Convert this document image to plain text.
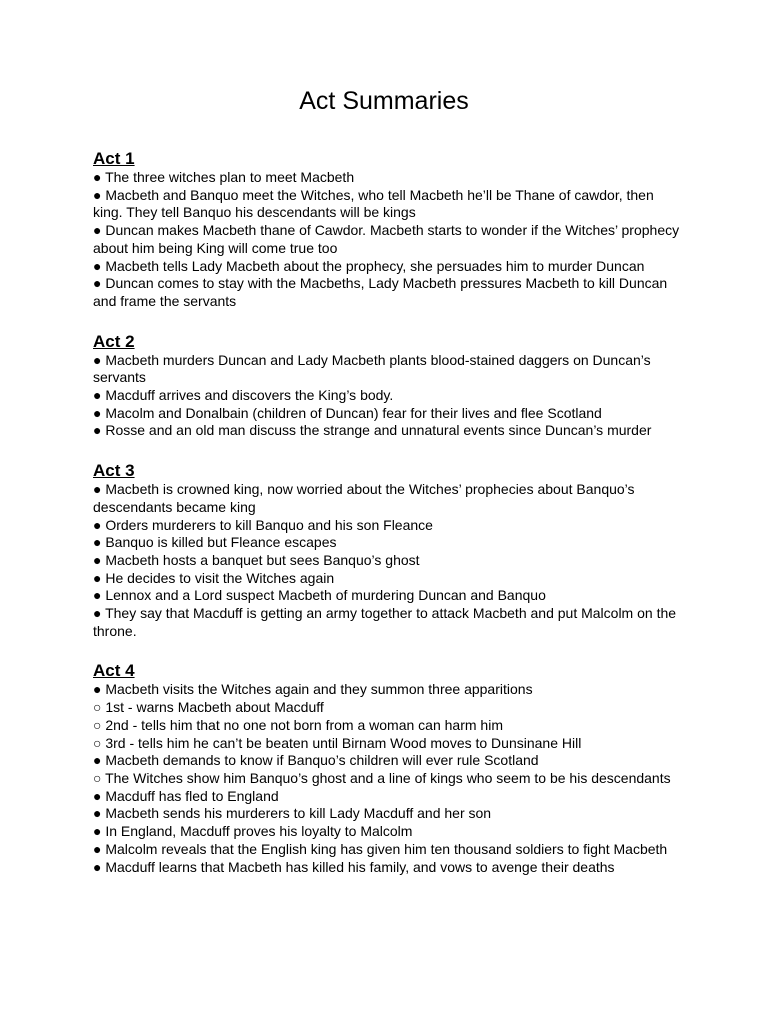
Act Summaries
Act 1
● The three witches plan to meet Macbeth
● Macbeth and Banquo meet the Witches, who tell Macbeth he’ll be Thane of cawdor, then king. They tell Banquo his descendants will be kings
● Duncan makes Macbeth thane of Cawdor. Macbeth starts to wonder if the Witches’ prophecy
about him being King will come true too
● Macbeth tells Lady Macbeth about the prophecy, she persuades him to murder Duncan
● Duncan comes to stay with the Macbeths, Lady Macbeth pressures Macbeth to kill Duncan and frame the servants
Act 2
● Macbeth murders Duncan and Lady Macbeth plants blood-stained daggers on Duncan’s servants
● Macduff arrives and discovers the King’s body.
● Macolm and Donalbain (children of Duncan) fear for their lives and flee Scotland
● Rosse and an old man discuss the strange and unnatural events since Duncan’s murder
Act 3
● Macbeth is crowned king, now worried about the Witches’ prophecies about Banquo’s descendants became king
● Orders murderers to kill Banquo and his son Fleance
● Banquo is killed but Fleance escapes
● Macbeth hosts a banquet but sees Banquo’s ghost
● He decides to visit the Witches again
● Lennox and a Lord suspect Macbeth of murdering Duncan and Banquo
● They say that Macduff is getting an army together to attack Macbeth and put Malcolm on the throne.
Act 4
● Macbeth visits the Witches again and they summon three apparitions
○ 1st - warns Macbeth about Macduff
○ 2nd - tells him that no one not born from a woman can harm him
○ 3rd - tells him he can’t be beaten until Birnam Wood moves to Dunsinane Hill
● Macbeth demands to know if Banquo’s children will ever rule Scotland
○ The Witches show him Banquo’s ghost and a line of kings who seem to be his descendants
● Macduff has fled to England
● Macbeth sends his murderers to kill Lady Macduff and her son
● In England, Macduff proves his loyalty to Malcolm
● Malcolm reveals that the English king has given him ten thousand soldiers to fight Macbeth
● Macduff learns that Macbeth has killed his family, and vows to avenge their deaths
